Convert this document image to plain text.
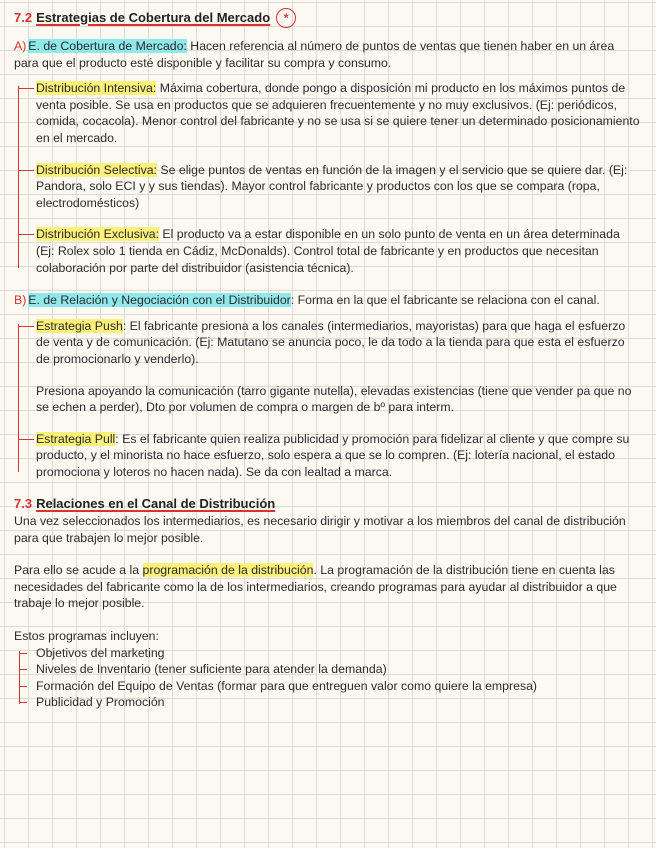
7.2 Estrategias de Cobertura del Mercado	*

A) E. de Cobertura de Mercado: Hacen referencia al número de puntos de ventas que tienen haber en un área para que el producto esté disponible y facilitar su compra y consumo.

Distribución Intensiva: Máxima cobertura, donde pongo a disposición mi producto en los máximos puntos de venta posible. Se usa en productos que se adquieren frecuentemente y no muy exclusivos. (Ej: periódicos, comida, cocacola). Menor control del fabricante y no se usa si se quiere tener un determinado posicionamiento en el mercado.

Distribución Selectiva: Se elige puntos de ventas en función de la imagen y el servicio que se quiere dar. (Ej: Pandora, solo ECI y y sus tiendas). Mayor control fabricante y productos con los que se compara (ropa, electrodomésticos)

Distribución Exclusiva: El producto va a estar disponible en un solo punto de venta en un área determinada (Ej: Rolex solo 1 tienda en Cádiz, McDonalds). Control total de fabricante y en productos que necesitan colaboración por parte del distribuidor (asistencia técnica).

B) E. de Relación y Negociación con el Distribuidor: Forma en la que el fabricante se relaciona con el canal.

Estrategia Push: El fabricante presiona a los canales (intermediarios, mayoristas) para que haga el esfuerzo de venta y de comunicación. (Ej: Matutano se anuncia poco, le da todo a la tienda para que esta el esfuerzo de promocionarlo y venderlo).

Presiona apoyando la comunicación (tarro gigante nutella), elevadas existencias (tiene que vender pa que no se echen a perder), Dto por volumen de compra o margen de bº para interm.

Estrategia Pull: Es el fabricante quien realiza publicidad y promoción para fidelizar al cliente y que compre su producto, y el minorista no hace esfuerzo, solo espera a que se lo compren. (Ej: lotería nacional, el estado promociona y loteros no hacen nada). Se da con lealtad a marca.

7.3 Relaciones en el Canal de Distribución

Una vez seleccionados los intermediarios, es necesario dirigir y motivar a los miembros del canal de distribución para que trabajen lo mejor posible.

Para ello se acude a la programación de la distribución. La programación de la distribución tiene en cuenta las necesidades del fabricante como la de los intermediarios, creando programas para ayudar al distribuidor a que trabaje lo mejor posible.

Estos programas incluyen:

Objetivos del marketing
Niveles de Inventario (tener suficiente para atender la demanda)
Formación del Equipo de Ventas (formar para que entreguen valor como quiere la empresa)
Publicidad y Promoción
